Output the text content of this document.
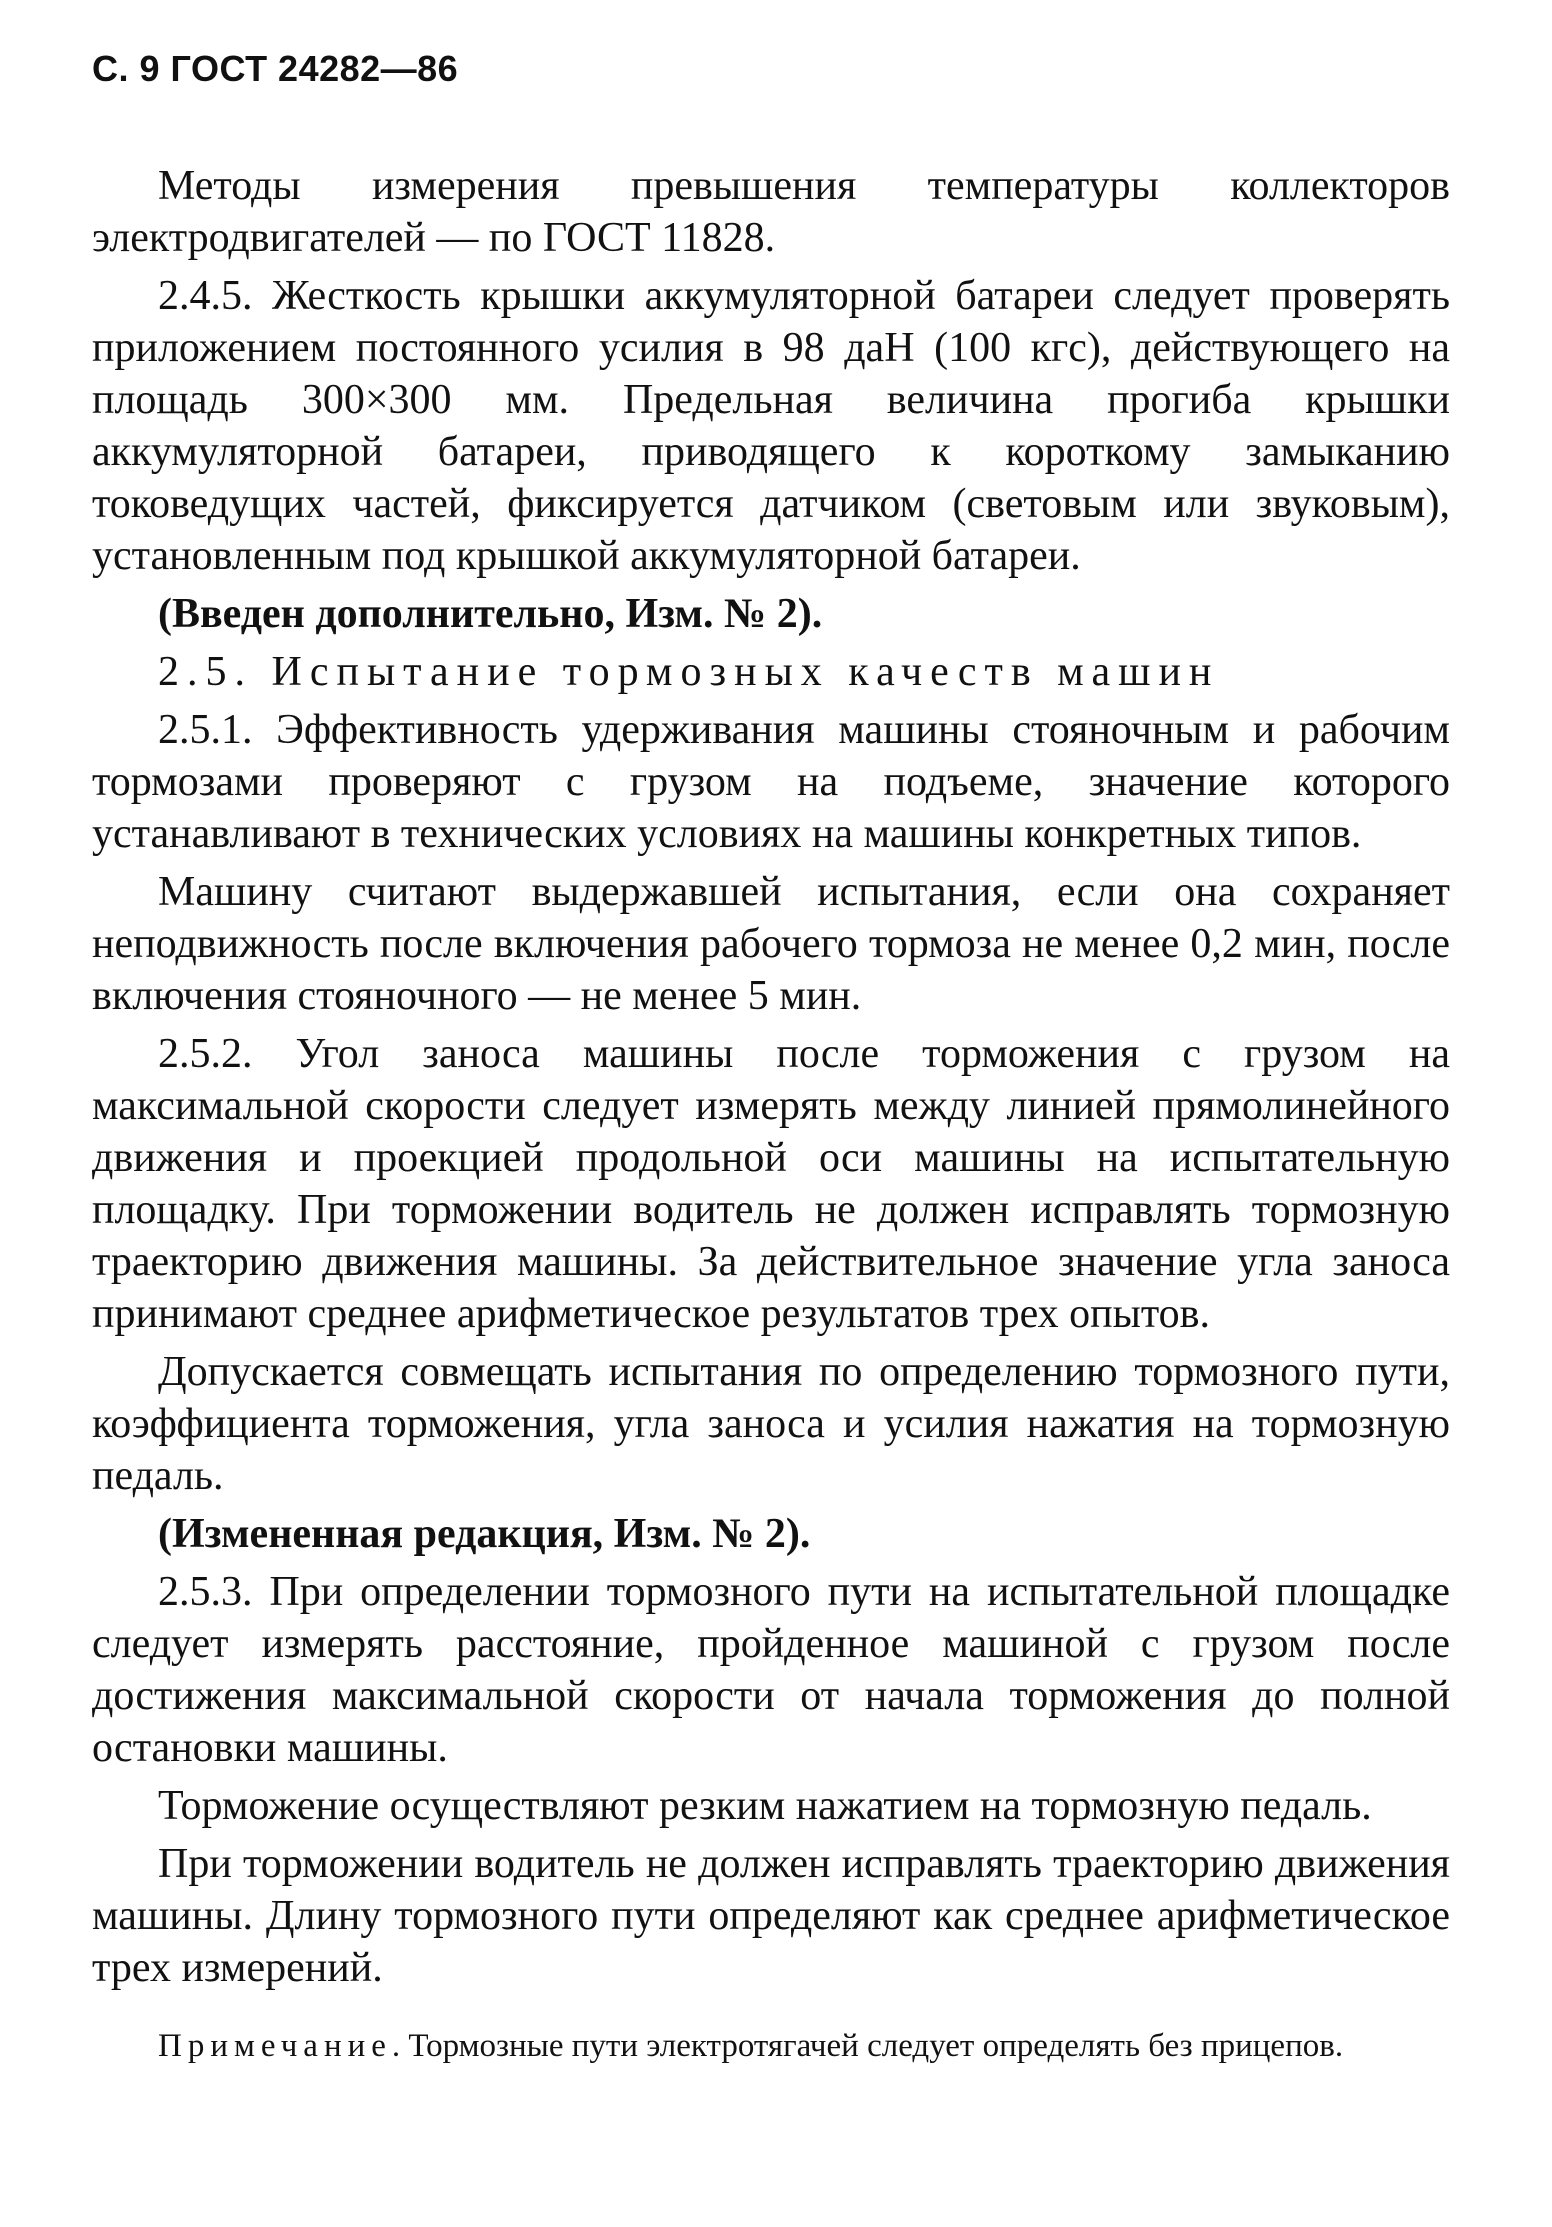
С. 9 ГОСТ 24282—86

Методы измерения превышения температуры коллекторов электродвигателей — по ГОСТ 11828.

2.4.5. Жесткость крышки аккумуляторной батареи следует проверять приложением постоянного усилия в 98 даН (100 кгс), действующего на площадь 300×300 мм. Предельная величина прогиба крышки аккумуляторной батареи, приводящего к короткому замыканию токоведущих частей, фиксируется датчиком (световым или звуковым), установленным под крышкой аккумуляторной батареи.

(Введен дополнительно, Изм. № 2).

2.5. Испытание тормозных качеств машин

2.5.1. Эффективность удерживания машины стояночным и рабочим тормозами проверяют с грузом на подъеме, значение которого устанавливают в технических условиях на машины конкретных типов.

Машину считают выдержавшей испытания, если она сохраняет неподвижность после включения рабочего тормоза не менее 0,2 мин, после включения стояночного — не менее 5 мин.

2.5.2. Угол заноса машины после торможения с грузом на максимальной скорости следует измерять между линией прямолинейного движения и проекцией продольной оси машины на испытательную площадку. При торможении водитель не должен исправлять тормозную траекторию движения машины. За действительное значение угла заноса принимают среднее арифметическое результатов трех опытов.

Допускается совмещать испытания по определению тормозного пути, коэффициента торможения, угла заноса и усилия нажатия на тормозную педаль.

(Измененная редакция, Изм. № 2).

2.5.3. При определении тормозного пути на испытательной площадке следует измерять расстояние, пройденное машиной с грузом после достижения максимальной скорости от начала торможения до полной остановки машины.

Торможение осуществляют резким нажатием на тормозную педаль.

При торможении водитель не должен исправлять траекторию движения машины. Длину тормозного пути определяют как среднее арифметическое трех измерений.

Примечание. Тормозные пути электротягачей следует определять без прицепов.
